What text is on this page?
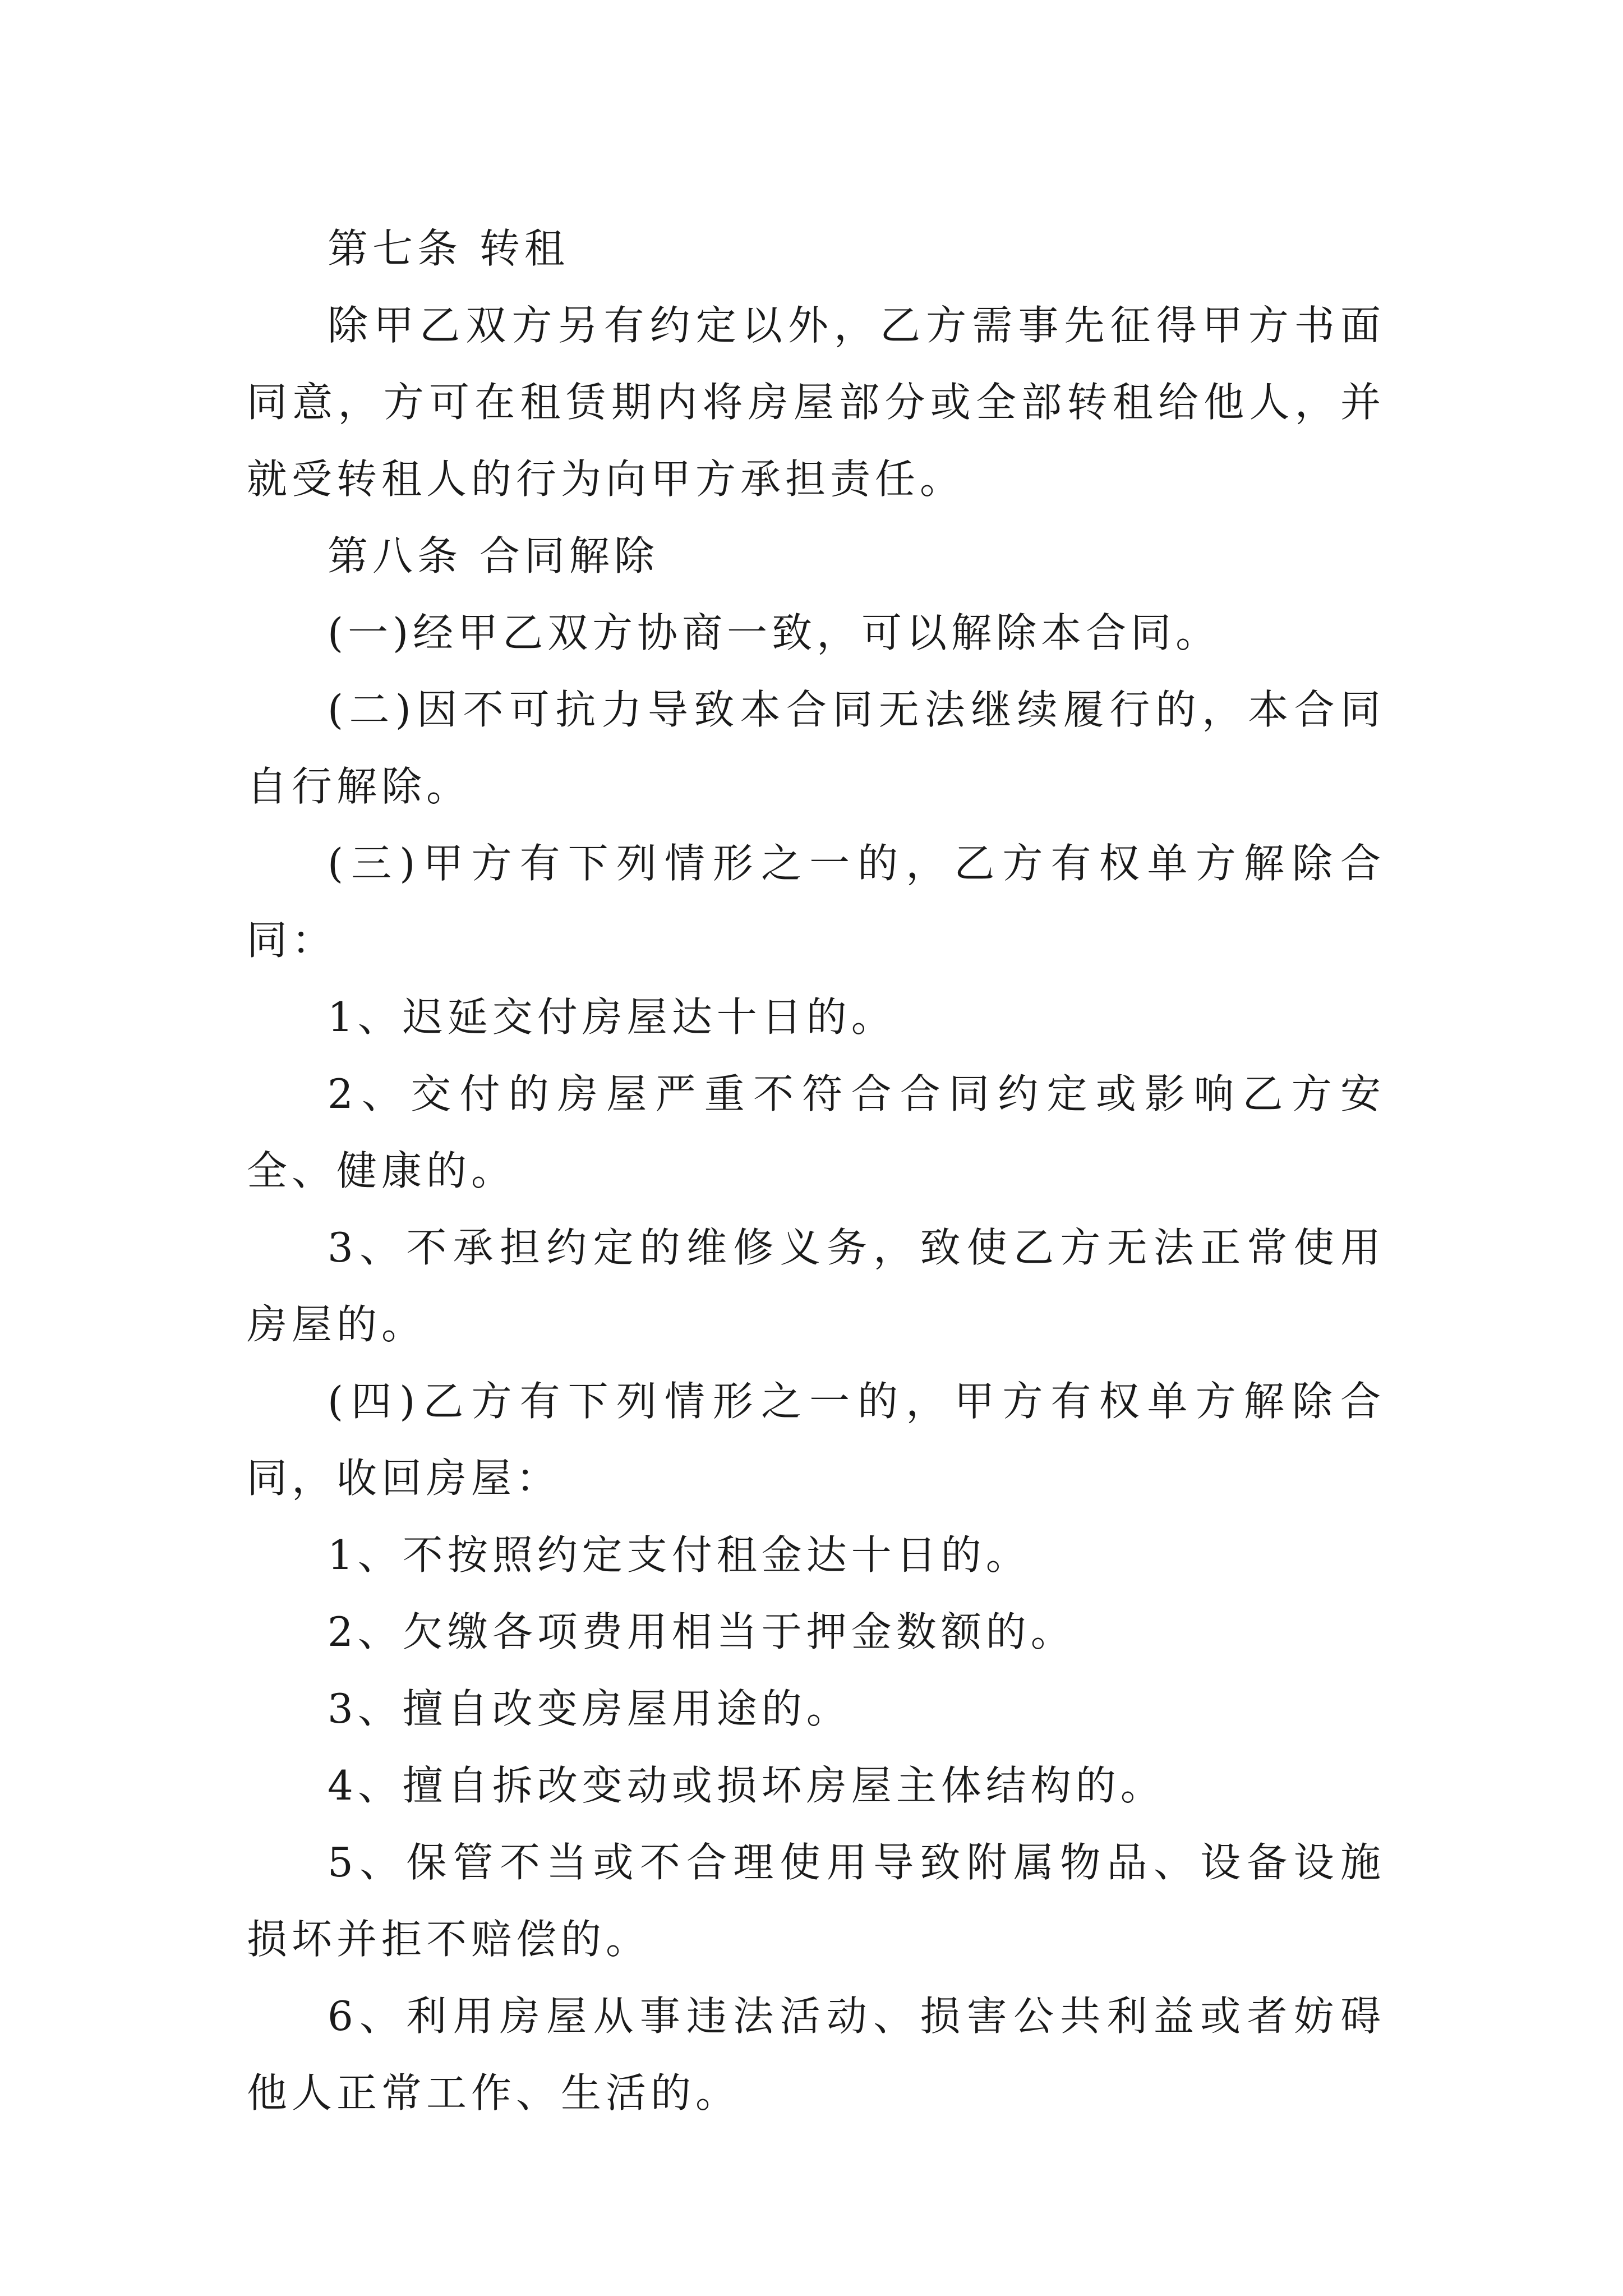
第七条 转租

除甲乙双方另有约定以外，乙方需事先征得甲方书面同意，方可在租赁期内将房屋部分或全部转租给他人，并就受转租人的行为向甲方承担责任。

第八条 合同解除

(一)经甲乙双方协商一致，可以解除本合同。

(二)因不可抗力导致本合同无法继续履行的，本合同自行解除。

(三)甲方有下列情形之一的，乙方有权单方解除合同：

1、迟延交付房屋达十日的。

2、交付的房屋严重不符合合同约定或影响乙方安全、健康的。

3、不承担约定的维修义务，致使乙方无法正常使用房屋的。

(四)乙方有下列情形之一的，甲方有权单方解除合同，收回房屋：

1、不按照约定支付租金达十日的。

2、欠缴各项费用相当于押金数额的。

3、擅自改变房屋用途的。

4、擅自拆改变动或损坏房屋主体结构的。

5、保管不当或不合理使用导致附属物品、设备设施损坏并拒不赔偿的。

6、利用房屋从事违法活动、损害公共利益或者妨碍他人正常工作、生活的。
